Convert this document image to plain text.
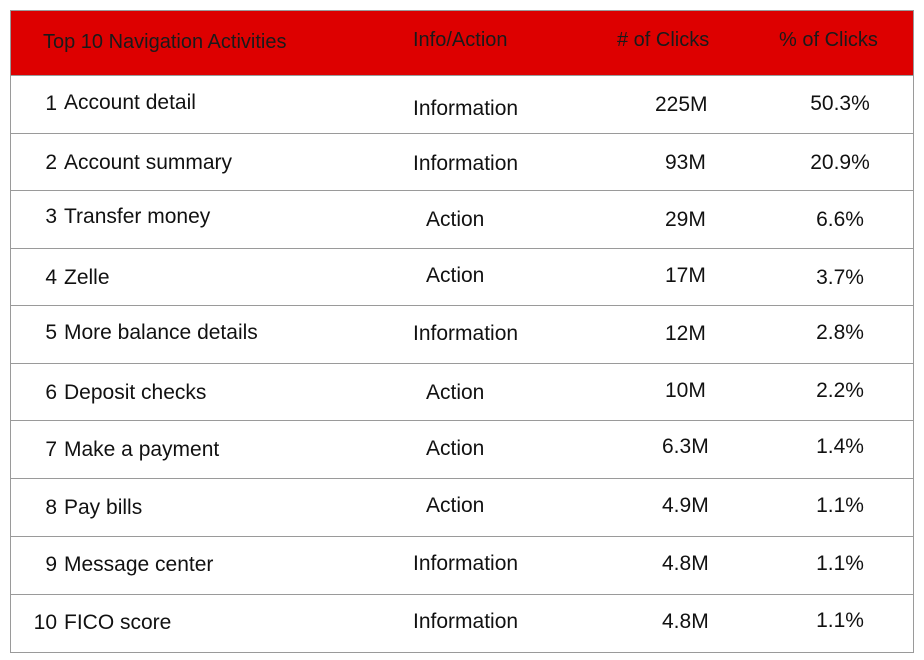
Top 10 Navigation Activities	Info/Action	# of Clicks	% of Clicks
1 Account detail	Information	225M	50.3%
2 Account summary	Information	93M	20.9%
3 Transfer money	Action	29M	6.6%
4 Zelle	Action	17M	3.7%
5 More balance details	Information	12M	2.8%
6 Deposit checks	Action	10M	2.2%
7 Make a payment	Action	6.3M	1.4%
8 Pay bills	Action	4.9M	1.1%
9 Message center	Information	4.8M	1.1%
10 FICO score	Information	4.8M	1.1%
